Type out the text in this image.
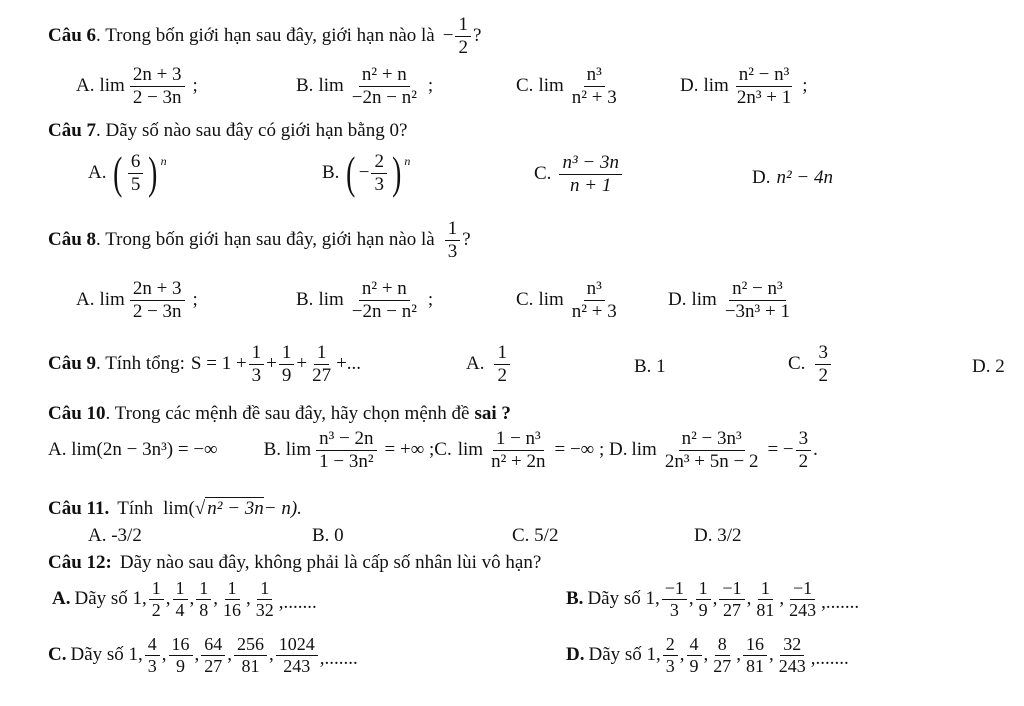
Câu 6 . Trong bốn giới hạn sau đây, giới hạn nào là − $\frac{1}{2}$ ?
A. $\lim \frac{2n + 3}{2 - 3n}$ ;	B. $\lim \frac{\text{n² + n}}{\text{−2n − n²}}$ ;	C. $\lim \frac{\text{n³}}{\text{n² + 3}}$	D. $\lim \frac{\text{n² − n³}}{\text{2n³ + 1}}$ ;
Câu 7 . Dãy số nào sau đây có giới hạn bằng 0?
A. ( $\frac{6}{5}$ ) n
B. ( − $\frac{2}{3}$ ) n
C. $\frac{\text{n³ − 3n}}{n + 1}$	D. n² − 4n
Câu 8 . Trong bốn giới hạn sau đây, giới hạn nào là $\frac{1}{3}$ ?
A. $\lim \frac{2n + 3}{2 - 3n}$ ;	B. $\lim \frac{\text{n² + n}}{\text{−2n − n²}}$ ;	C. $\lim \frac{\text{n³}}{\text{n² + 3}}$	D. $\lim \frac{\text{n² − n³}}{\text{−3n³ + 1}}$
Câu 9 . Tính tổng: $S = 1 + \frac{1}{3} + \frac{1}{9} + \frac{1}{27}$ +...	A. $\frac{1}{2}$	B. 1	C. $\frac{3}{2}$	D. 2
Câu 10 . Trong các mệnh đề sau đây, hãy chọn mệnh đề sai ?
A. lim(2n − 3n³) = −∞ B. $\lim \frac{\text{n³ − 2n}}{\text{1 − 3n²}}$ = +∞ ;C. $\lim \frac{\text{1 − n³}}{\text{n² + 2n}}$ = −∞ ; D. $\lim \frac{\text{n² − 3n³}}{\text{2n³ + 5n − 2}}$ = − $\frac{3}{2}$ .
Câu 11. Tính lim( √ n² − 3n − n).
A. -3/2	B. 0	C. 5/2	D. 3/2
Câu 12: Dãy nào sau đây, không phải là cấp số nhân lùi vô hạn?
A. Dãy số 1, $\frac{1}{2}$ , $\frac{1}{4}$ , $\frac{1}{8}$ , $\frac{1}{16}$ , $\frac{1}{32}$ ,.......	B. Dãy số 1, $\frac{-1}{3}$ , $\frac{1}{9}$ , $\frac{-1}{27}$ , $\frac{1}{81}$ , $\frac{-1}{243}$ ,.......
C. Dãy số 1, $\frac{4}{3}$ , $\frac{16}{9}$ , $\frac{64}{27}$ , $\frac{256}{81}$ , $\frac{1024}{243}$ ,.......	D. Dãy số 1, $\frac{2}{3}$ , $\frac{4}{9}$ , $\frac{8}{27}$ , $\frac{16}{81}$ , $\frac{32}{243}$ ,.......
